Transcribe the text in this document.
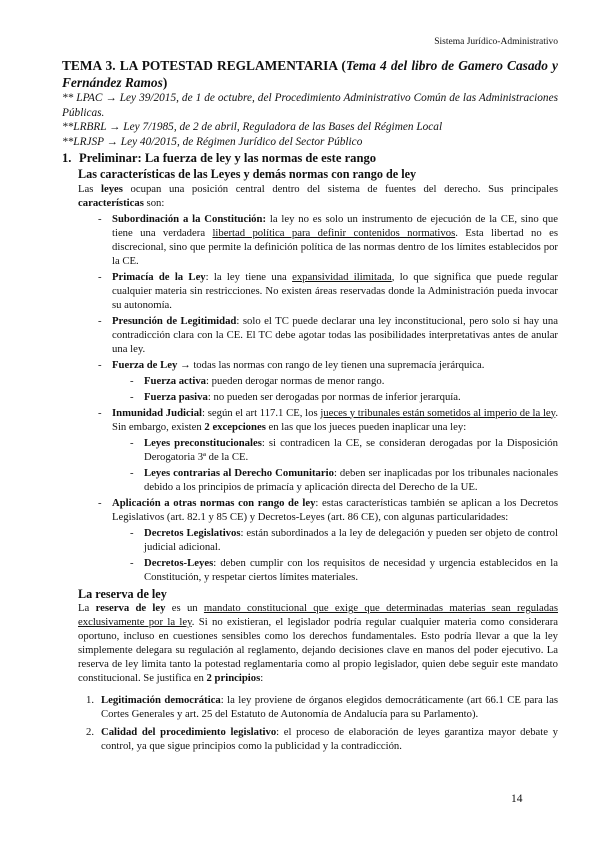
Sistema Jurídico-Administrativo
TEMA 3. LA POTESTAD REGLAMENTARIA (Tema 4 del libro de Gamero Casado y Fernández Ramos)
** LPAC → Ley 39/2015, de 1 de octubre, del Procedimiento Administrativo Común de las Administraciones Públicas.
**LRBRL → Ley 7/1985, de 2 de abril, Reguladora de las Bases del Régimen Local
**LRJSP → Ley 40/2015, de Régimen Jurídico del Sector Público
1. Preliminar: La fuerza de ley y las normas de este rango
Las características de las Leyes y demás normas con rango de ley
Las leyes ocupan una posición central dentro del sistema de fuentes del derecho. Sus principales características son:
- Subordinación a la Constitución: la ley no es solo un instrumento de ejecución de la CE, sino que tiene una verdadera libertad política para definir contenidos normativos. Esta libertad no es discrecional, sino que permite la definición política de las normas dentro de los límites establecidos por la CE.
- Primacía de la Ley: la ley tiene una expansividad ilimitada, lo que significa que puede regular cualquier materia sin restricciones. No existen áreas reservadas donde la Administración pueda invocar su autonomía.
- Presunción de Legitimidad: solo el TC puede declarar una ley inconstitucional, pero solo si hay una contradicción clara con la CE. El TC debe agotar todas las posibilidades interpretativas antes de anular una ley.
- Fuerza de Ley → todas las normas con rango de ley tienen una supremacía jerárquica.
- Fuerza activa: pueden derogar normas de menor rango.
- Fuerza pasiva: no pueden ser derogadas por normas de inferior jerarquía.
- Inmunidad Judicial: según el art 117.1 CE, los jueces y tribunales están sometidos al imperio de la ley. Sin embargo, existen 2 excepciones en las que los jueces pueden inaplicar una ley:
- Leyes preconstitucionales: si contradicen la CE, se consideran derogadas por la Disposición Derogatoria 3ª de la CE.
- Leyes contrarias al Derecho Comunitario: deben ser inaplicadas por los tribunales nacionales debido a los principios de primacía y aplicación directa del Derecho de la UE.
- Aplicación a otras normas con rango de ley: estas características también se aplican a los Decretos Legislativos (art. 82.1 y 85 CE) y Decretos-Leyes (art. 86 CE), con algunas particularidades:
- Decretos Legislativos: están subordinados a la ley de delegación y pueden ser objeto de control judicial adicional.
- Decretos-Leyes: deben cumplir con los requisitos de necesidad y urgencia establecidos en la Constitución, y respetar ciertos límites materiales.
La reserva de ley
La reserva de ley es un mandato constitucional que exige que determinadas materias sean reguladas exclusivamente por la ley. Si no existieran, el legislador podría regular cualquier materia como considerara oportuno, incluso en cuestiones sensibles como los derechos fundamentales. Esto podría llevar a que la ley simplemente delegara su regulación al reglamento, dejando decisiones clave en manos del poder ejecutivo. La reserva de ley limita tanto la potestad reglamentaria como al propio legislador, quien debe seguir este mandato constitucional. Se justifica en 2 principios:
1. Legitimación democrática: la ley proviene de órganos elegidos democráticamente (art 66.1 CE para las Cortes Generales y art. 25 del Estatuto de Autonomía de Andalucía para su Parlamento).
2. Calidad del procedimiento legislativo: el proceso de elaboración de leyes garantiza mayor debate y control, ya que sigue principios como la publicidad y la contradicción.
14
